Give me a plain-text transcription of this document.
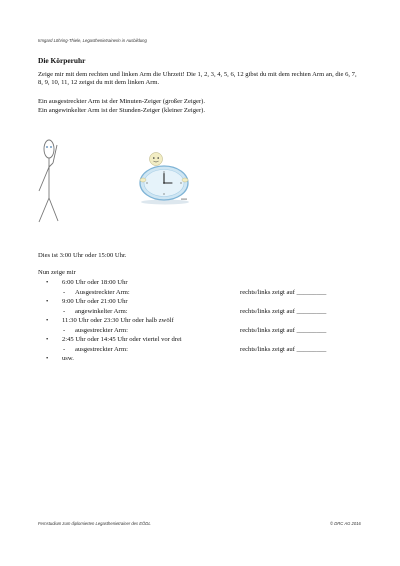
Irmgard Löhring-Thiele, Legasthenietrainerin in Ausbildung
Die Körperuhr
Zeige mir mit dem rechten und linken Arm die Uhrzeit! Die 1, 2, 3, 4, 5, 6, 12 gibst du mit dem rechten Arm an, die 6, 7, 8, 9, 10, 11, 12 zeigst du mit dem linken Arm.
Ein ausgestreckter Arm ist der Minuten-Zeiger (großer Zeiger).
Ein angewinkelter Arm ist der Stunden-Zeiger (kleiner Zeiger).
Dies ist 3:00 Uhr oder 15:00 Uhr.
Nun zeige mir
• 6:00 Uhr oder 18:00 Uhr
- Ausgestreckter Arm:	rechts/links zeigt auf _________
• 9:00 Uhr oder 21:00 Uhr
- angewinkelter Arm:	rechts/links zeigt auf _________
• 11:30 Uhr oder 23:30 Uhr oder halb zwölf
- ausgestreckter Arm:	rechts/links zeigt auf _________
• 2:45 Uhr oder 14:45 Uhr oder viertel vor drei
- ausgestreckter Arm:	rechts/links zeigt auf _________
• usw.
Fernstudium zum diplomierten Legasthenietrainer des EÖDL	© DRC AG 2016
